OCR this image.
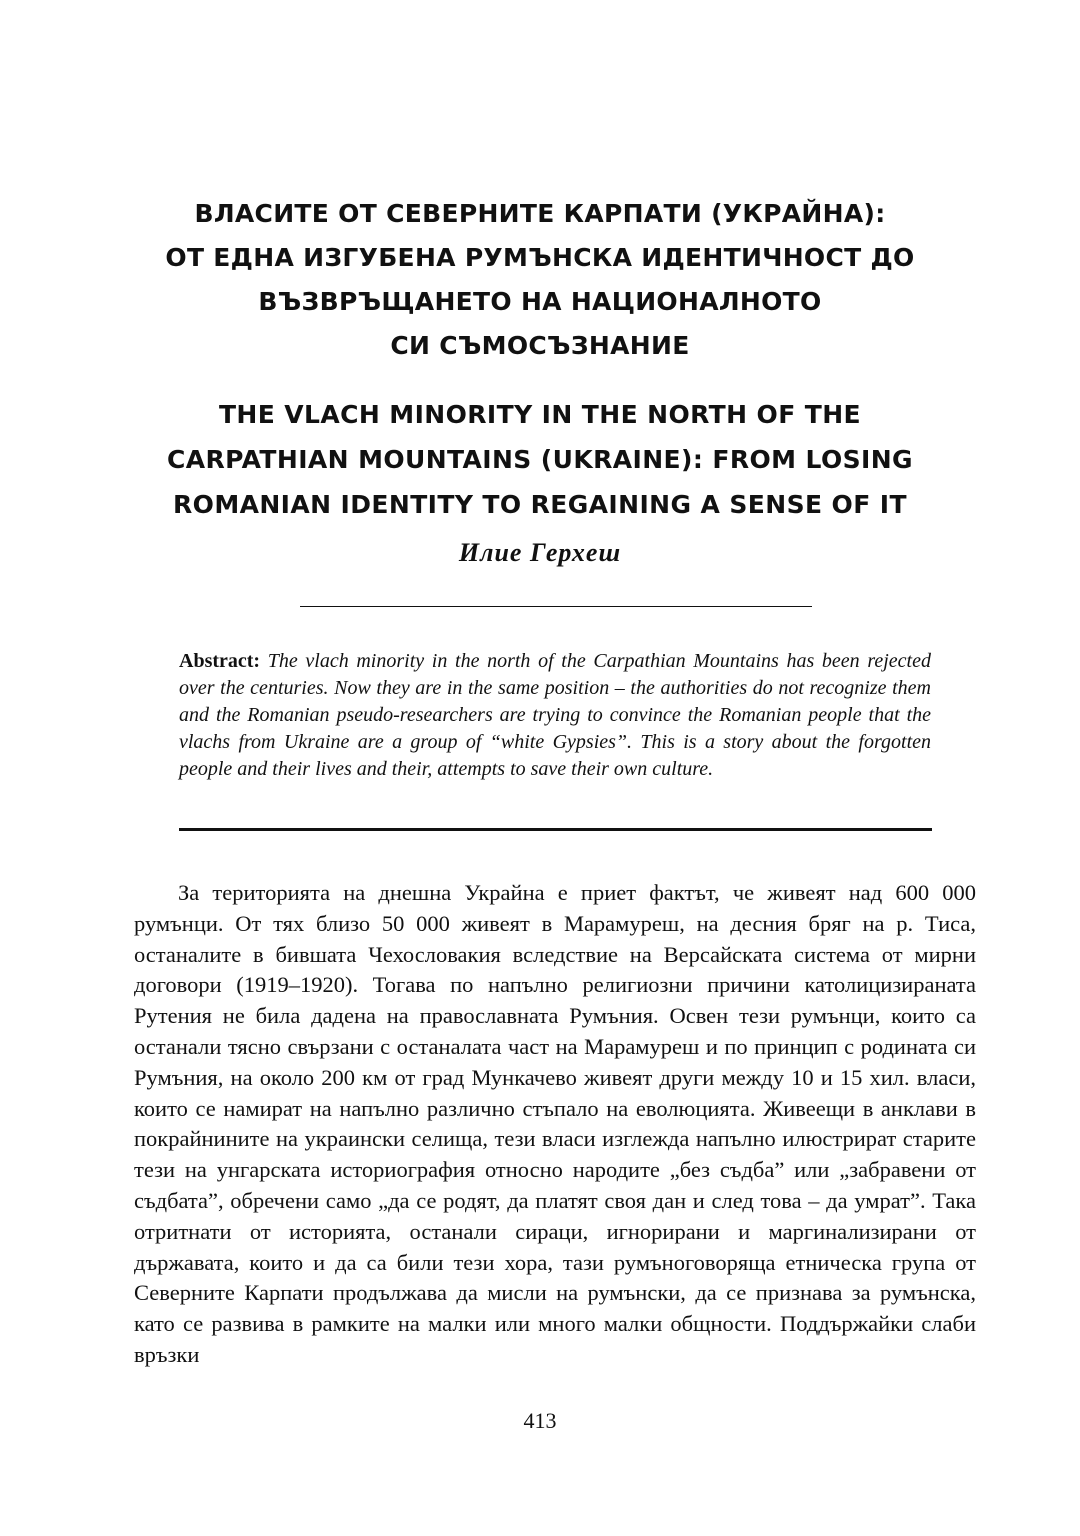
ВЛАСИТЕ ОТ СЕВЕРНИТЕ КАРПАТИ (УКРАЙНА):
ОТ ЕДНА ИЗГУБЕНА РУМЪНСКА ИДЕНТИЧНОСТ ДО
ВЪЗВРЪЩАНЕТО НА НАЦИОНАЛНОТО
СИ СЪМОСЪЗНАНИЕ
THE VLACH MINORITY IN THE NORTH OF THE
CARPATHIAN MOUNTAINS (UKRAINE): FROM LOSING
ROMANIAN IDENTITY TO REGAINING A SENSE OF IT
Илие Герхеш
Abstract: The vlach minority in the north of the Carpathian Mountains has been rejected over the centuries. Now they are in the same position – the authorities do not recognize them and the Romanian pseudo-researchers are trying to convince the Romanian people that the vlachs from Ukraine are a group of “white Gypsies”. This is a story about the forgotten people and their lives and their, attempts to save their own culture.
За територията на днешна Украйна е приет фактът, че живеят над 600 000 румънци. От тях близо 50 000 живеят в Марамуреш, на десния бряг на р. Тиса, останалите в бившата Чехословакия вследствие на Версайската система от мирни договори (1919–1920). Тогава по напълно религиозни причини католицизираната Рутения не била дадена на православната Румъния. Освен тези румънци, които са останали тясно свързани с останалата част на Марамуреш и по принцип с родината си Румъния, на около 200 км от град Мункачево живеят други между 10 и 15 хил. власи, които се намират на напълно различно стъпало на еволюцията. Живеещи в анклави в покрайнините на украински селища, тези власи изглежда напълно илюстрират старите тези на унгарската историография относно народите „без съдба” или „забравени от съдбата”, обречени само „да се родят, да платят своя дан и след това – да умрат”. Така отритнати от историята, останали сираци, игнорирани и маргинализирани от държавата, които и да са били тези хора, тази румъноговоряща етническа група от Северните Карпати продължава да мисли на румънски, да се признава за румънска, като се развива в рамките на малки или много малки общности. Поддържайки слаби връзки
413
